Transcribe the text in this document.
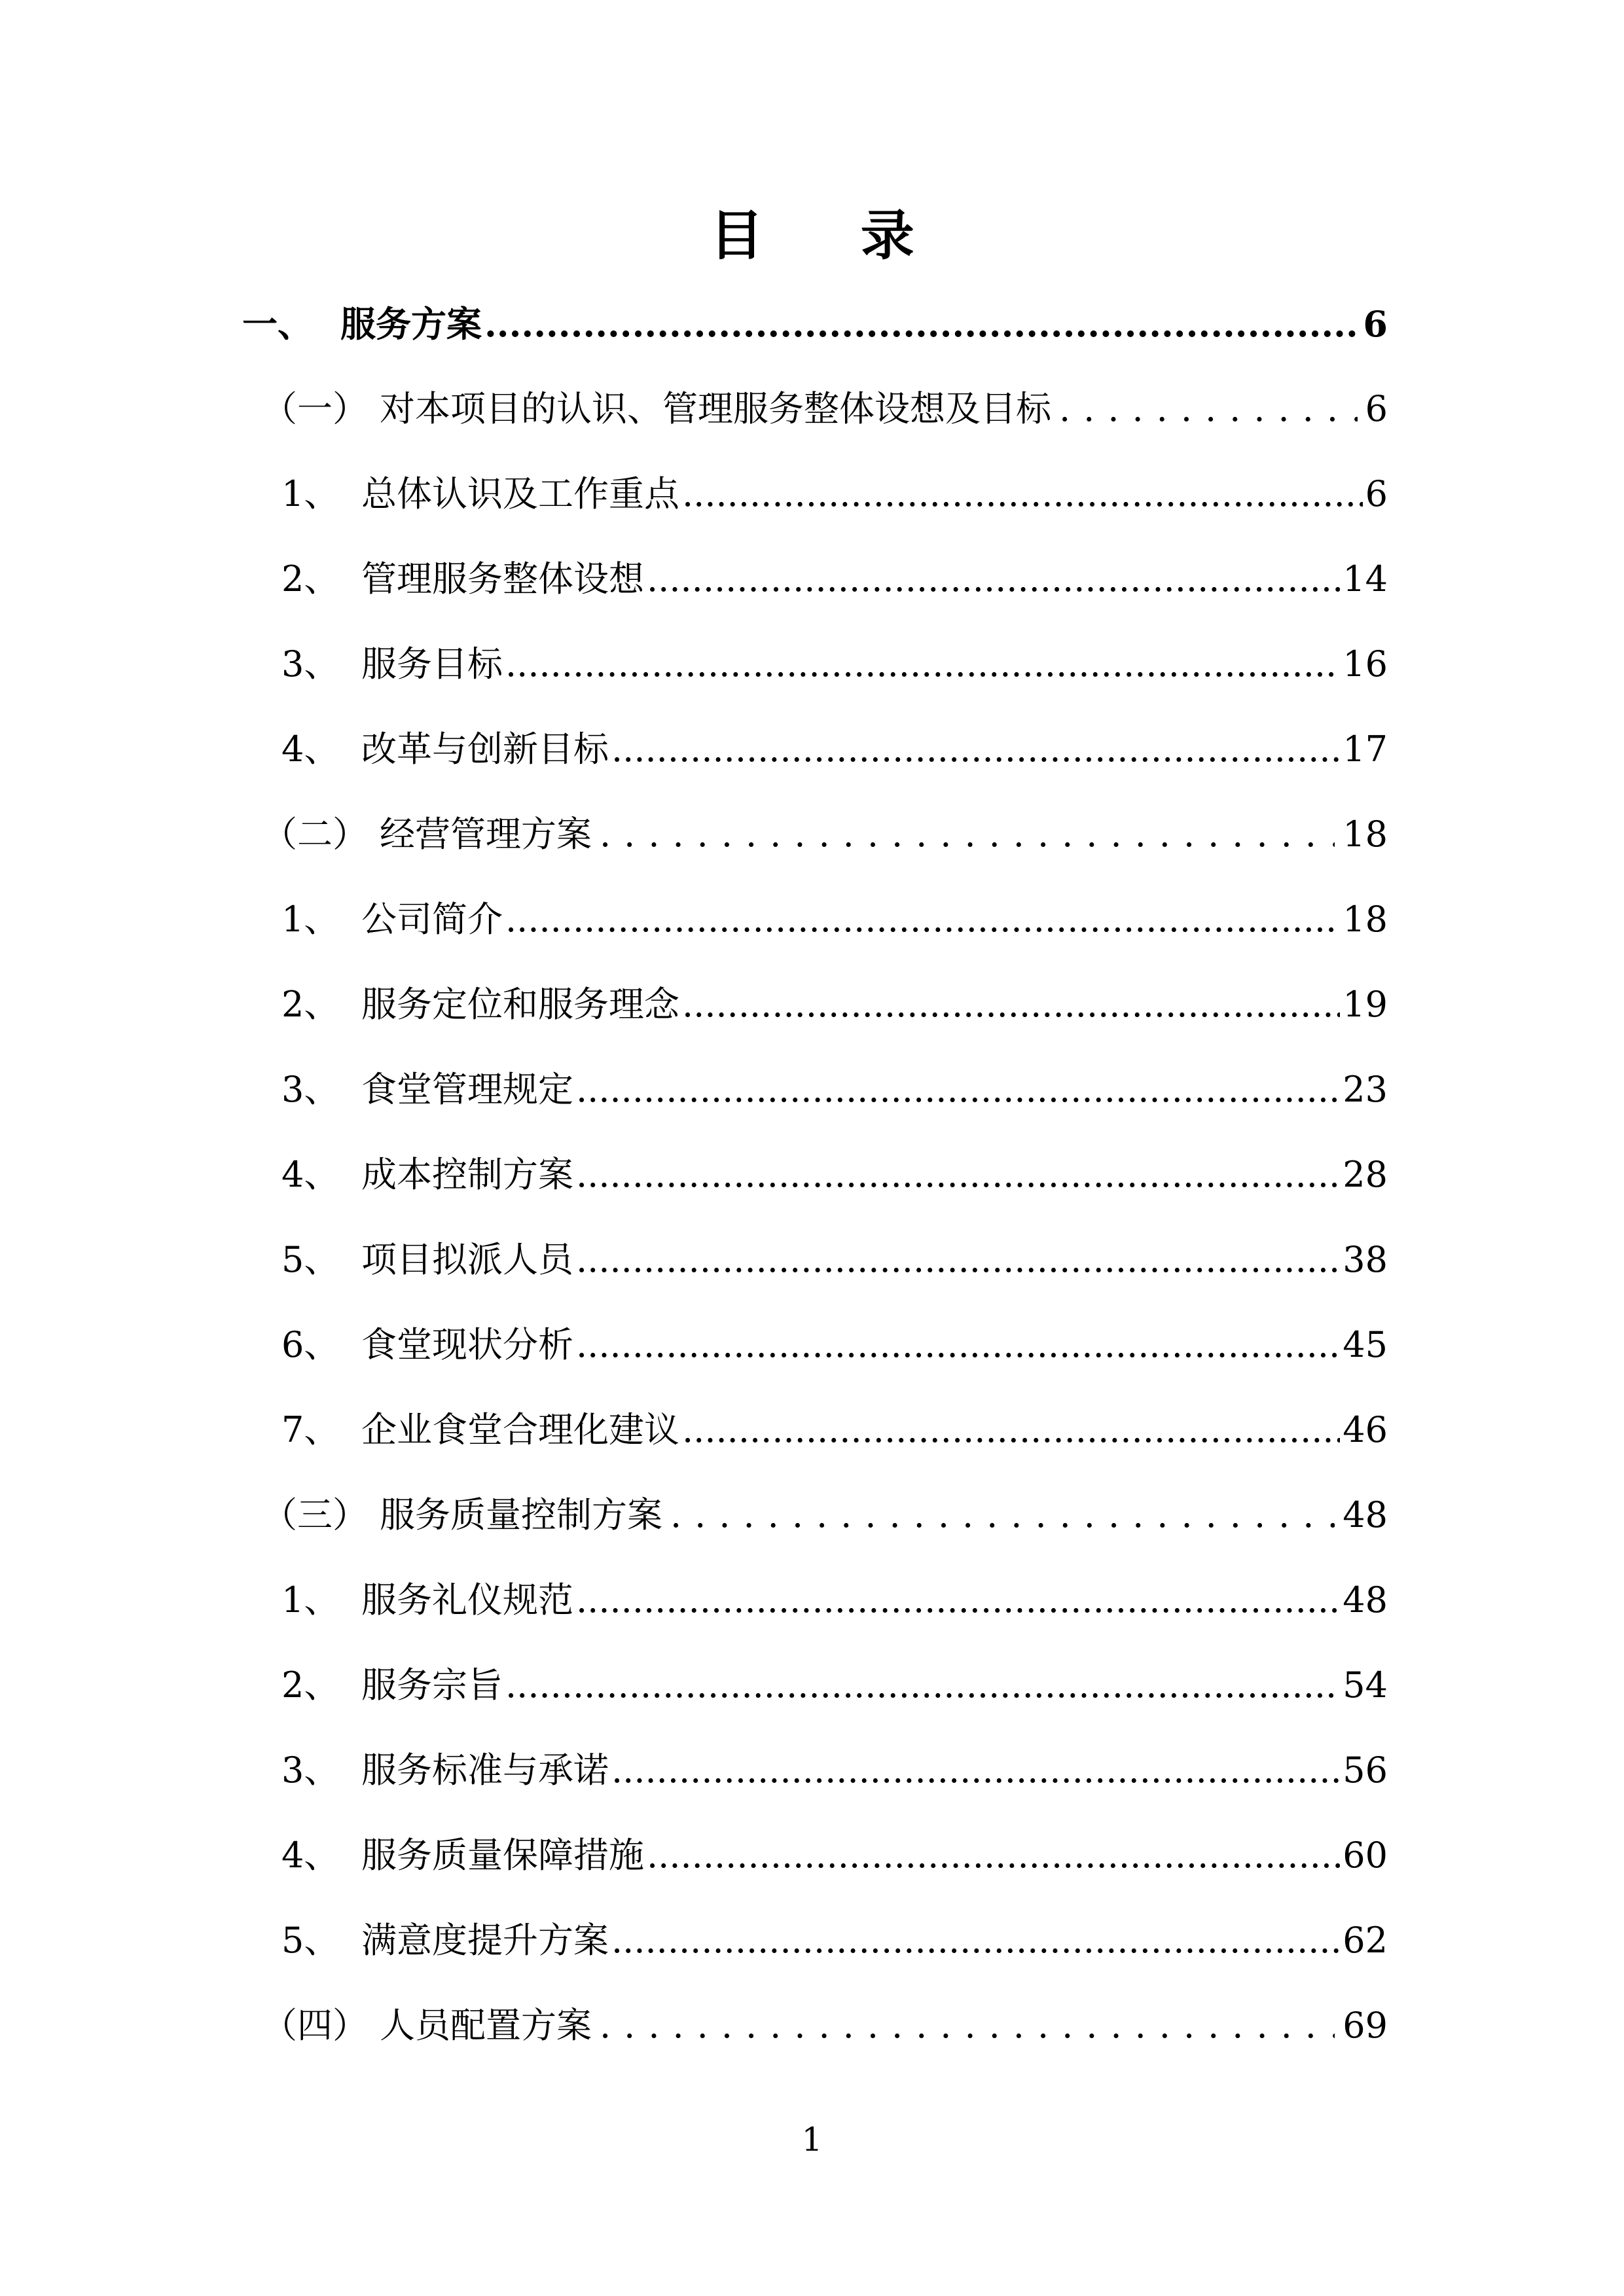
目 录
一、 服务方案 .....	6
（一） 对本项目的认识、管理服务整体设想及目标 .....	6
1、 总体认识及工作重点 .....	6
2、 管理服务整体设想 .....	14
3、 服务目标 .....	16
4、 改革与创新目标 .....	17
（二） 经营管理方案 .....	18
1、 公司简介 .....	18
2、 服务定位和服务理念 .....	19
3、 食堂管理规定 .....	23
4、 成本控制方案 .....	28
5、 项目拟派人员 .....	38
6、 食堂现状分析 .....	45
7、 企业食堂合理化建议 .....	46
（三） 服务质量控制方案 .....	48
1、 服务礼仪规范 .....	48
2、 服务宗旨 .....	54
3、 服务标准与承诺 .....	56
4、 服务质量保障措施 .....	60
5、 满意度提升方案 .....	62
（四） 人员配置方案 .....	69
1
